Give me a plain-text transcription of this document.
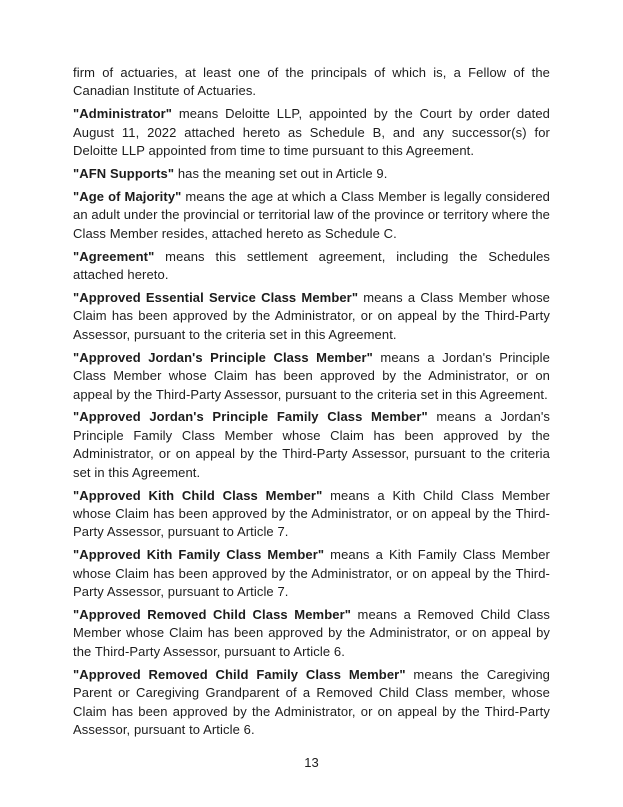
firm of actuaries, at least one of the principals of which is, a Fellow of the Canadian Institute of Actuaries.

"Administrator" means Deloitte LLP, appointed by the Court by order dated August 11, 2022 attached hereto as Schedule B, and any successor(s) for Deloitte LLP appointed from time to time pursuant to this Agreement.

"AFN Supports" has the meaning set out in Article 9.

"Age of Majority" means the age at which a Class Member is legally considered an adult under the provincial or territorial law of the province or territory where the Class Member resides, attached hereto as Schedule C.

"Agreement" means this settlement agreement, including the Schedules attached hereto.

"Approved Essential Service Class Member" means a Class Member whose Claim has been approved by the Administrator, or on appeal by the Third-Party Assessor, pursuant to the criteria set in this Agreement.

"Approved Jordan's Principle Class Member" means a Jordan's Principle Class Member whose Claim has been approved by the Administrator, or on appeal by the Third-Party Assessor, pursuant to the criteria set in this Agreement.

"Approved Jordan's Principle Family Class Member" means a Jordan's Principle Family Class Member whose Claim has been approved by the Administrator, or on appeal by the Third-Party Assessor, pursuant to the criteria set in this Agreement.

"Approved Kith Child Class Member" means a Kith Child Class Member whose Claim has been approved by the Administrator, or on appeal by the Third-Party Assessor, pursuant to Article 7.

"Approved Kith Family Class Member" means a Kith Family Class Member whose Claim has been approved by the Administrator, or on appeal by the Third-Party Assessor, pursuant to Article 7.

"Approved Removed Child Class Member" means a Removed Child Class Member whose Claim has been approved by the Administrator, or on appeal by the Third-Party Assessor, pursuant to Article 6.

"Approved Removed Child Family Class Member" means the Caregiving Parent or Caregiving Grandparent of a Removed Child Class member, whose Claim has been approved by the Administrator, or on appeal by the Third-Party Assessor, pursuant to Article 6.

13
